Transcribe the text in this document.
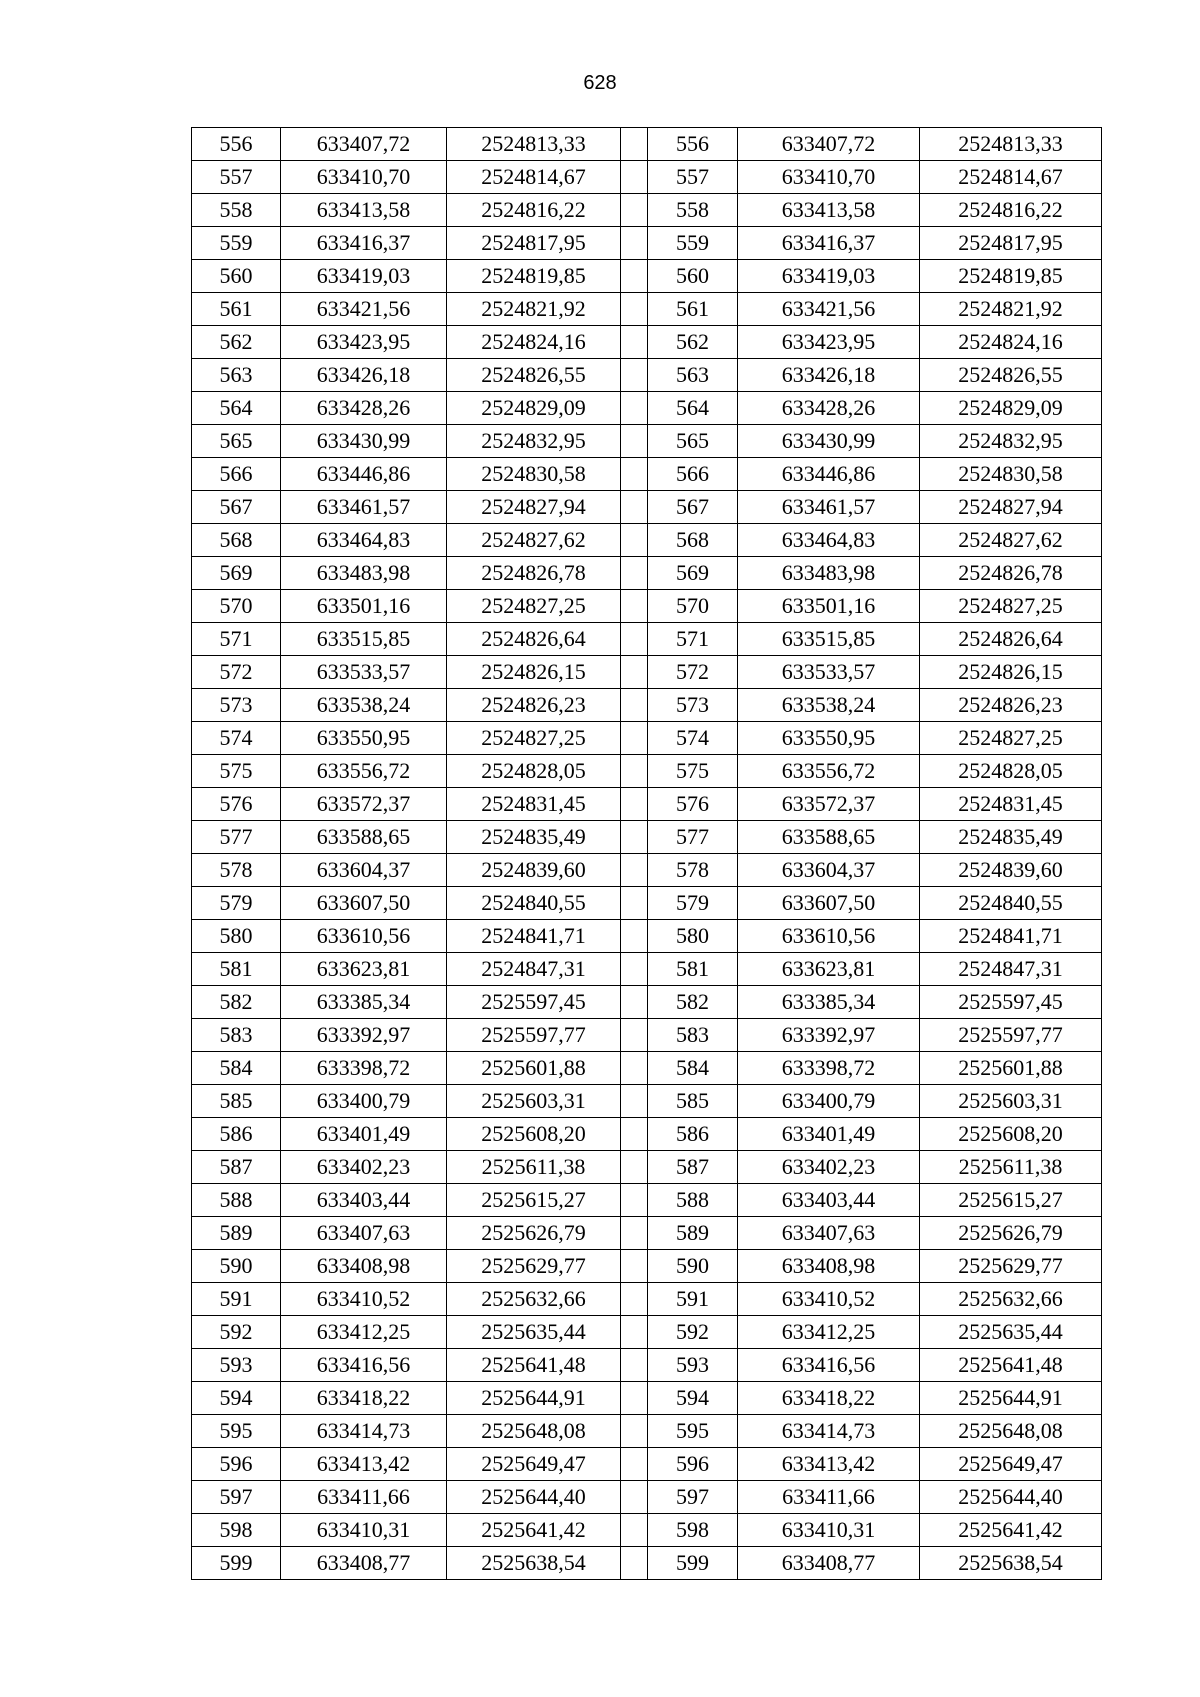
628
556	633407,72	2524813,33		556	633407,72	2524813,33
557	633410,70	2524814,67		557	633410,70	2524814,67
558	633413,58	2524816,22		558	633413,58	2524816,22
559	633416,37	2524817,95		559	633416,37	2524817,95
560	633419,03	2524819,85		560	633419,03	2524819,85
561	633421,56	2524821,92		561	633421,56	2524821,92
562	633423,95	2524824,16		562	633423,95	2524824,16
563	633426,18	2524826,55		563	633426,18	2524826,55
564	633428,26	2524829,09		564	633428,26	2524829,09
565	633430,99	2524832,95		565	633430,99	2524832,95
566	633446,86	2524830,58		566	633446,86	2524830,58
567	633461,57	2524827,94		567	633461,57	2524827,94
568	633464,83	2524827,62		568	633464,83	2524827,62
569	633483,98	2524826,78		569	633483,98	2524826,78
570	633501,16	2524827,25		570	633501,16	2524827,25
571	633515,85	2524826,64		571	633515,85	2524826,64
572	633533,57	2524826,15		572	633533,57	2524826,15
573	633538,24	2524826,23		573	633538,24	2524826,23
574	633550,95	2524827,25		574	633550,95	2524827,25
575	633556,72	2524828,05		575	633556,72	2524828,05
576	633572,37	2524831,45		576	633572,37	2524831,45
577	633588,65	2524835,49		577	633588,65	2524835,49
578	633604,37	2524839,60		578	633604,37	2524839,60
579	633607,50	2524840,55		579	633607,50	2524840,55
580	633610,56	2524841,71		580	633610,56	2524841,71
581	633623,81	2524847,31		581	633623,81	2524847,31
582	633385,34	2525597,45		582	633385,34	2525597,45
583	633392,97	2525597,77		583	633392,97	2525597,77
584	633398,72	2525601,88		584	633398,72	2525601,88
585	633400,79	2525603,31		585	633400,79	2525603,31
586	633401,49	2525608,20		586	633401,49	2525608,20
587	633402,23	2525611,38		587	633402,23	2525611,38
588	633403,44	2525615,27		588	633403,44	2525615,27
589	633407,63	2525626,79		589	633407,63	2525626,79
590	633408,98	2525629,77		590	633408,98	2525629,77
591	633410,52	2525632,66		591	633410,52	2525632,66
592	633412,25	2525635,44		592	633412,25	2525635,44
593	633416,56	2525641,48		593	633416,56	2525641,48
594	633418,22	2525644,91		594	633418,22	2525644,91
595	633414,73	2525648,08		595	633414,73	2525648,08
596	633413,42	2525649,47		596	633413,42	2525649,47
597	633411,66	2525644,40		597	633411,66	2525644,40
598	633410,31	2525641,42		598	633410,31	2525641,42
599	633408,77	2525638,54		599	633408,77	2525638,54
